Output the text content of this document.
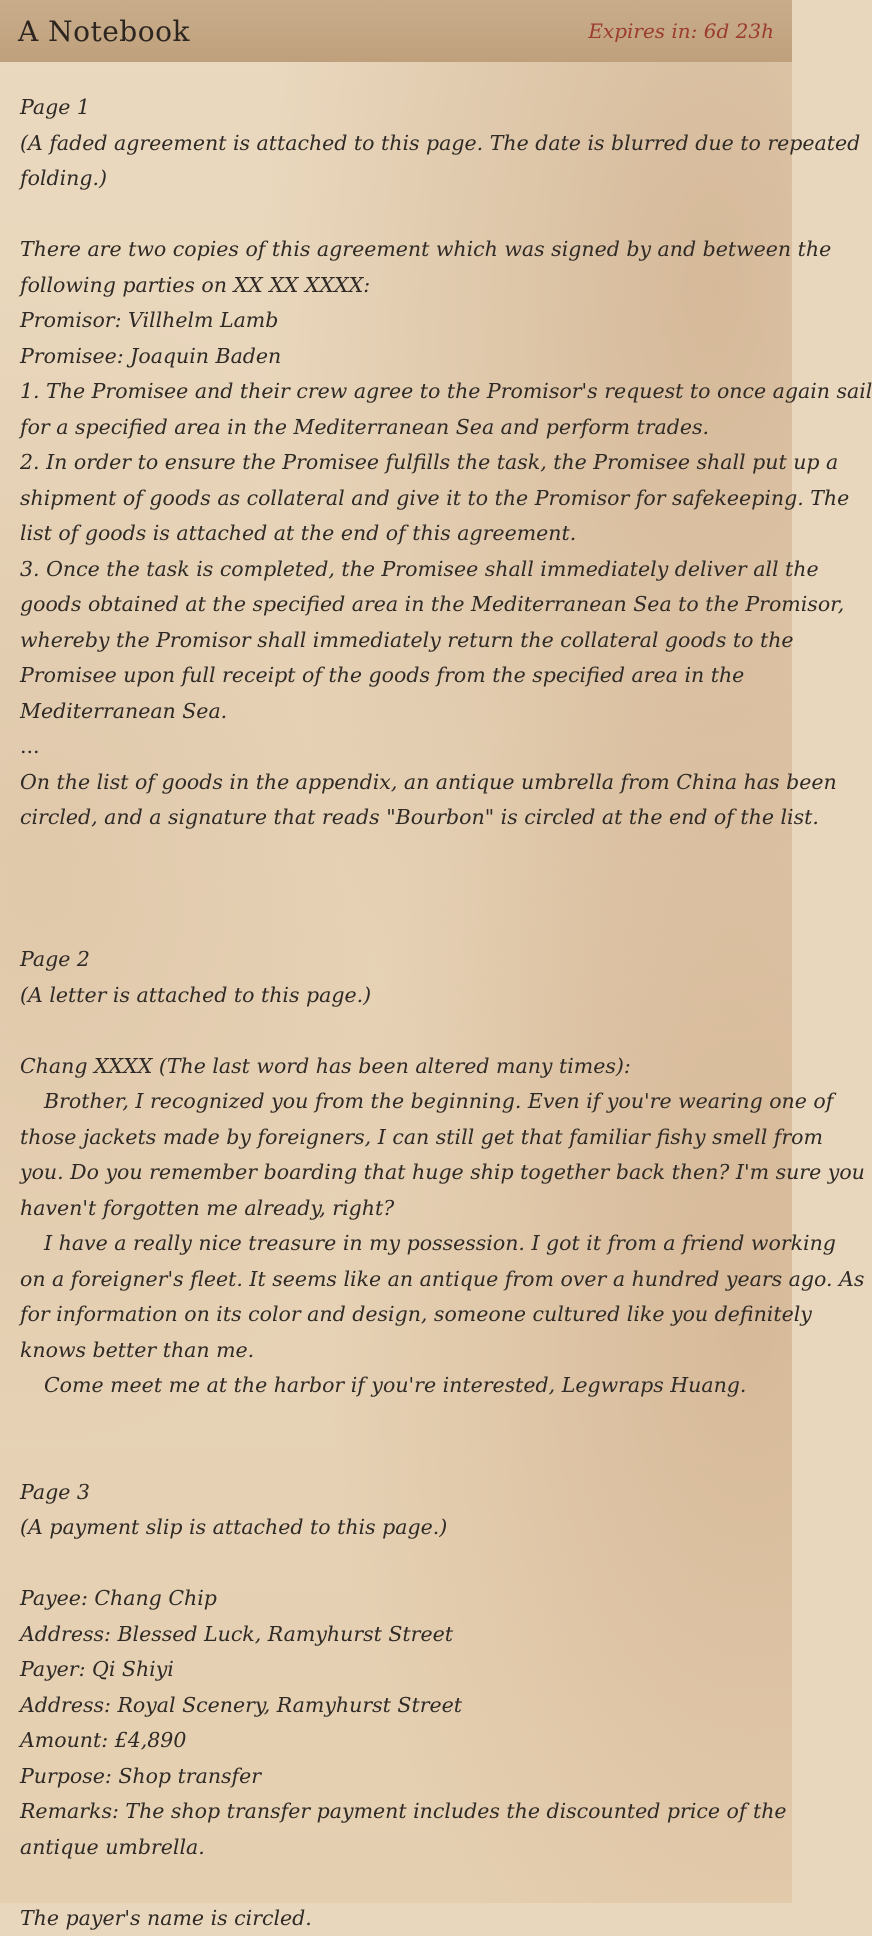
A Notebook	Expires in: 6d 23h
Page 1
(A faded agreement is attached to this page. The date is blurred due to repeated
folding.)
There are two copies of this agreement which was signed by and between the
following parties on XX XX XXXX:
Promisor: Villhelm Lamb
Promisee: Joaquin Baden
1. The Promisee and their crew agree to the Promisor's request to once again sail
for a specified area in the Mediterranean Sea and perform trades.
2. In order to ensure the Promisee fulfills the task, the Promisee shall put up a
shipment of goods as collateral and give it to the Promisor for safekeeping. The
list of goods is attached at the end of this agreement.
3. Once the task is completed, the Promisee shall immediately deliver all the
goods obtained at the specified area in the Mediterranean Sea to the Promisor,
whereby the Promisor shall immediately return the collateral goods to the
Promisee upon full receipt of the goods from the specified area in the
Mediterranean Sea.
...
On the list of goods in the appendix, an antique umbrella from China has been
circled, and a signature that reads "Bourbon" is circled at the end of the list.
Page 2
(A letter is attached to this page.)
Chang XXXX (The last word has been altered many times):
Brother, I recognized you from the beginning. Even if you're wearing one of
those jackets made by foreigners, I can still get that familiar fishy smell from
you. Do you remember boarding that huge ship together back then? I'm sure you
haven't forgotten me already, right?
I have a really nice treasure in my possession. I got it from a friend working
on a foreigner's fleet. It seems like an antique from over a hundred years ago. As
for information on its color and design, someone cultured like you definitely
knows better than me.
Come meet me at the harbor if you're interested, Legwraps Huang.
Page 3
(A payment slip is attached to this page.)
Payee: Chang Chip
Address: Blessed Luck, Ramyhurst Street
Payer: Qi Shiyi
Address: Royal Scenery, Ramyhurst Street
Amount: £4,890
Purpose: Shop transfer
Remarks: The shop transfer payment includes the discounted price of the
antique umbrella.
The payer's name is circled.
